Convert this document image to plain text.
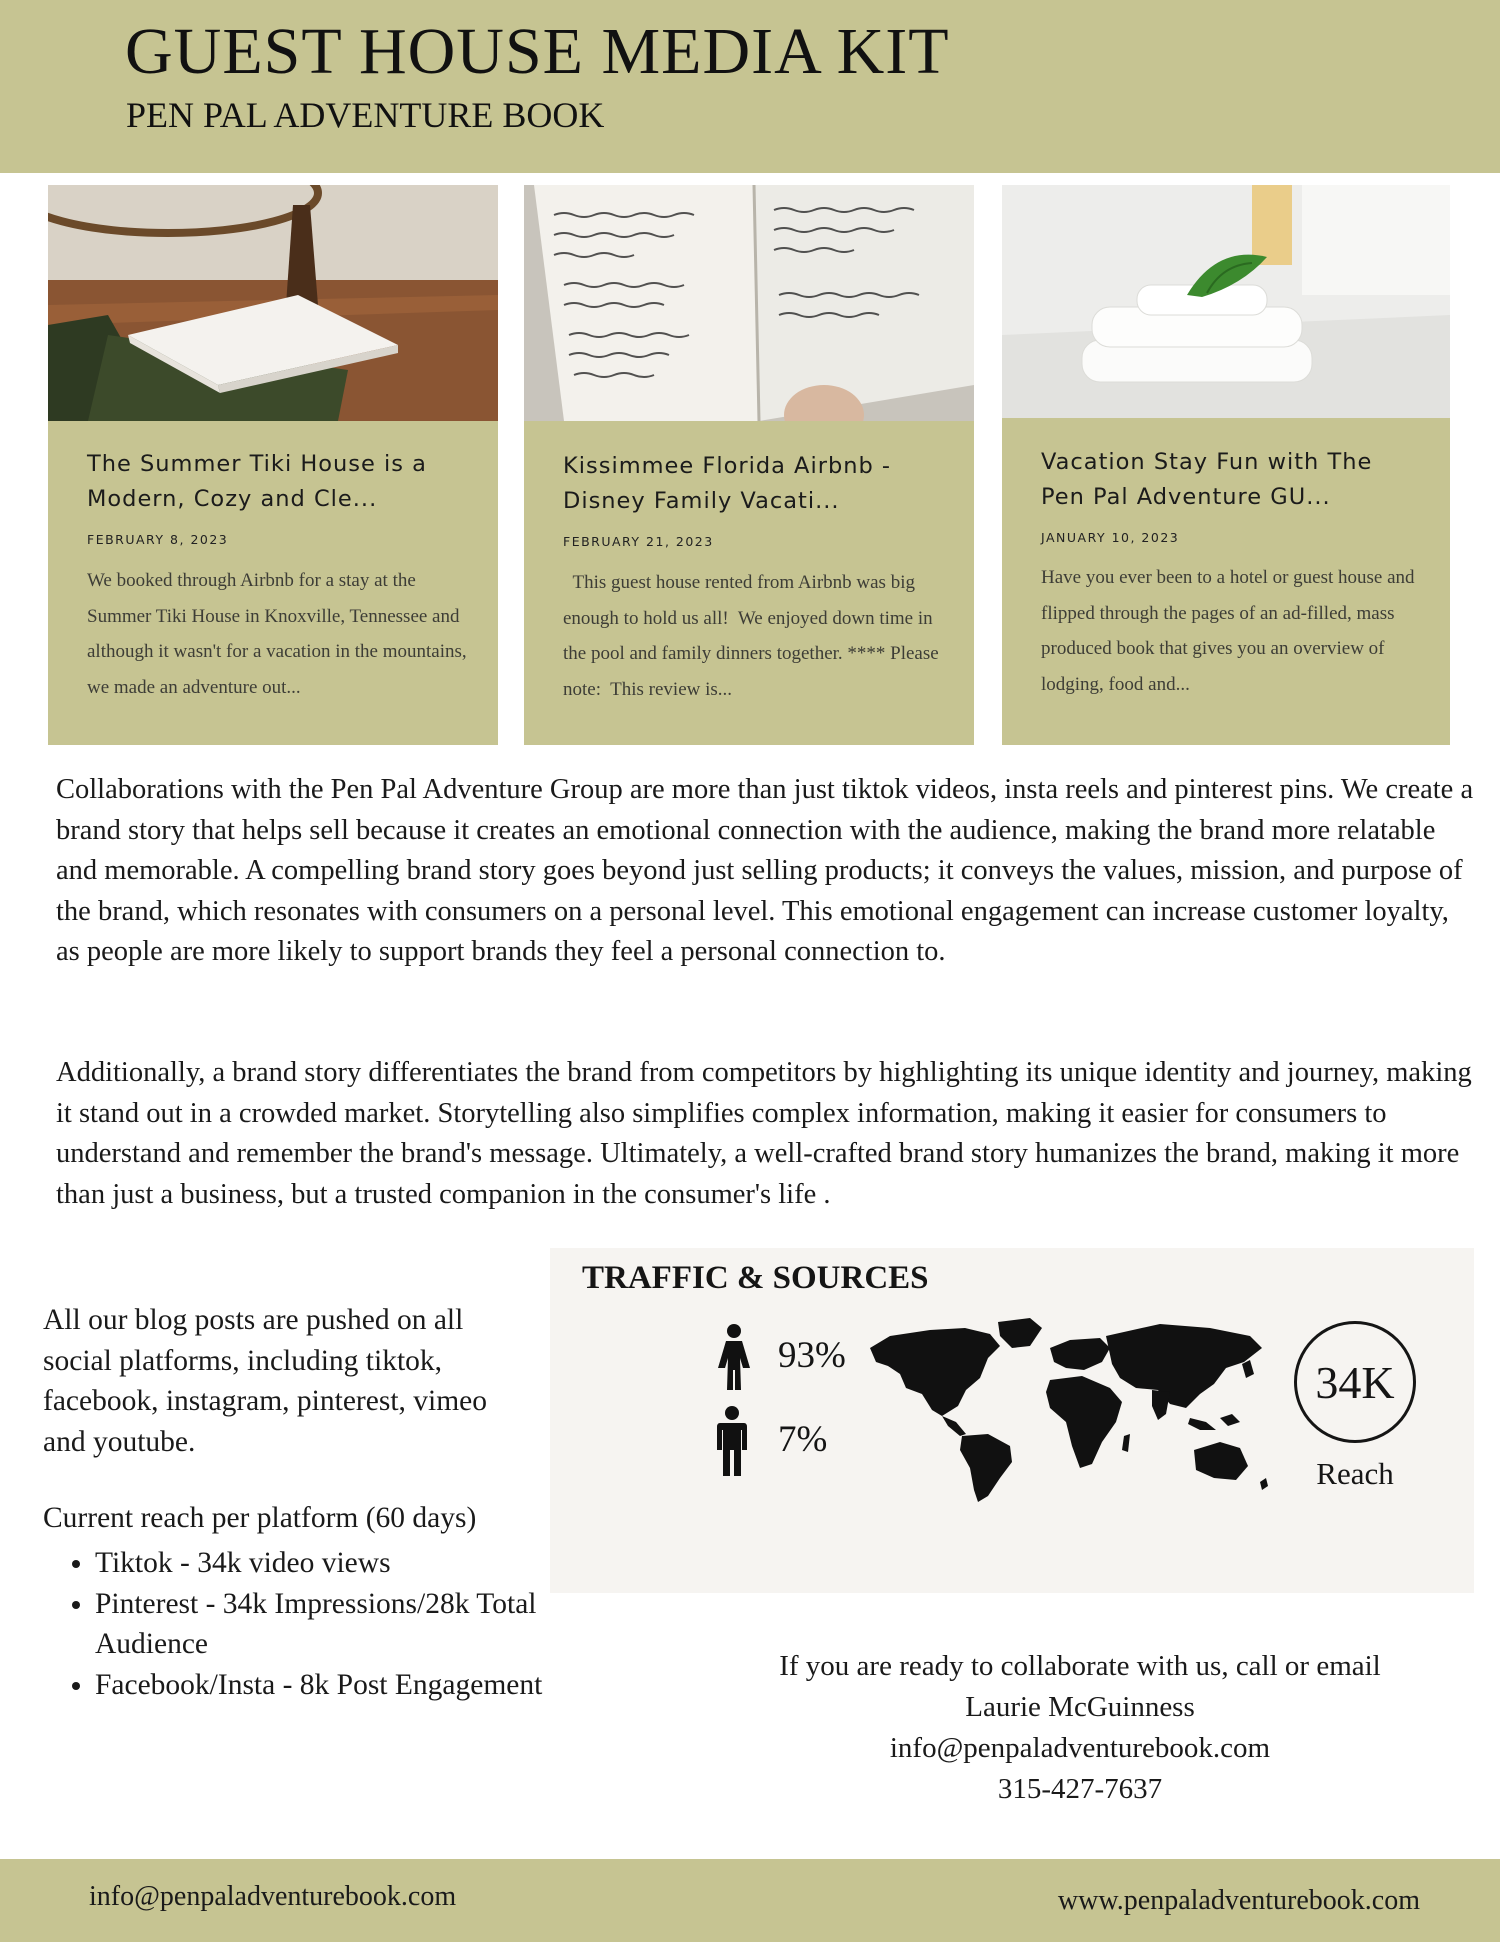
GUEST HOUSE MEDIA KIT
PEN PAL ADVENTURE BOOK
The Summer Tiki House is a Modern, Cozy and Cle...
FEBRUARY 8, 2023
We booked through Airbnb for a stay at the Summer Tiki House in Knoxville, Tennessee and although it wasn't for a vacation in the mountains, we made an adventure out...
Kissimmee Florida Airbnb - Disney Family Vacati...
FEBRUARY 21, 2023
This guest house rented from Airbnb was big enough to hold us all!  We enjoyed down time in the pool and family dinners together. **** Please note:  This review is...
Vacation Stay Fun with The Pen Pal Adventure GU...
JANUARY 10, 2023
Have you ever been to a hotel or guest house and flipped through the pages of an ad-filled, mass produced book that gives you an overview of lodging, food and...

Collaborations with the Pen Pal Adventure Group are more than just tiktok videos, insta reels and pinterest pins. We create a brand story that helps sell because it creates an emotional connection with the audience, making the brand more relatable and memorable. A compelling brand story goes beyond just selling products; it conveys the values, mission, and purpose of the brand, which resonates with consumers on a personal level. This emotional engagement can increase customer loyalty, as people are more likely to support brands they feel a personal connection to.

Additionally, a brand story differentiates the brand from competitors by highlighting its unique identity and journey, making it stand out in a crowded market. Storytelling also simplifies complex information, making it easier for consumers to understand and remember the brand's message. Ultimately, a well-crafted brand story humanizes the brand, making it more than just a business, but a trusted companion in the consumer's life .

All our blog posts are pushed on all social platforms, including tiktok, facebook, instagram, pinterest, vimeo and youtube.

Current reach per platform (60 days)
• Tiktok - 34k video views
• Pinterest - 34k Impressions/28k Total Audience
• Facebook/Insta - 8k Post Engagement
TRAFFIC & SOURCES
93%
7%
34K
Reach
If you are ready to collaborate with us, call or email
Laurie McGuinness
info@penpaladventurebook.com
315-427-7637
info@penpaladventurebook.com	www.penpaladventurebook.com
